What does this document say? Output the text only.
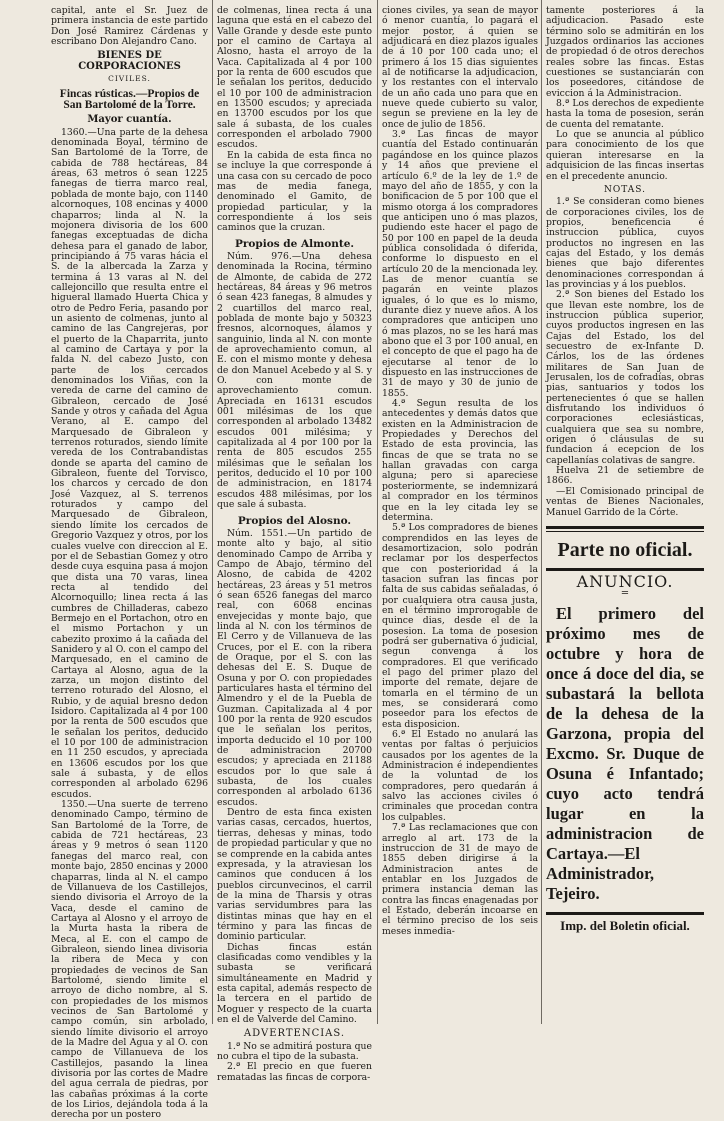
capital, ante el Sr. Juez de primera instancia de este partido Don José Ramirez Cárdenas y escribano Don Alejandro Cano.

BIENES DE CORPORACIONES
CIVILES.
Fincas rústicas.—Propios de San Bartolomé de la Torre.
Mayor cuantía.

1360.—Una parte de la dehesa denominada Boyal, término de San Bartolomé de la Torre, de cabida de 788 hectáreas, 84 áreas, 63 metros ó sean 1225 fanegas de tierra marco real, poblada de monte bajo, con 1140 alcornoques, 108 encinas y 4000 chaparros; linda al N. la mojonera divisoria de los 600 fanegas exceptuadas de dicha dehesa para el ganado de labor, principiando á 75 varas hácia el S. de la albercada la Zarza y termina á 13 varas al N. del callejoncillo que resulta entre el higueral llamado Huerta Chica y otro de Pedro Feria, pasando por un asiento de colmenas, junto al camino de las Cangrejeras, por el puerto de la Chaparrita, junto al camino de Cartaya y por la falda N. del cabezo Justo, con parte de los cercados denominados los Viñas, con la vereda de carne del camino de Gibraleon, cercado de José Sande y otros y cañada del Agua Verano, al E. campo del Marquesado de Gibraleon y terrenos roturados, siendo límite vereda de los Contrabandistas donde se aparta del camino de Gibraleon, fuente del Torvisco, los charcos y cercado de don José Vazquez, al S. terrenos roturados y campo del Marquesado de Gibraleon, siendo límite los cercados de Gregorio Vazquez y otros, por los cuales vuelve con direccion al E. por el de Sebastian Gomez y otro desde cuya esquina pasa á mojon que dista una 70 varas, linea recta al tendido del Alcornoquillo; linea recta á las cumbres de Chilladeras, cabezo Bermejo en el Portachon, otro en el mismo Portachon y un cabezito proximo á la cañada del Sanidero y al O. con el campo del Marquesado, en el camino de Cartaya al Alosno, agua de la zarza, un mojon distinto del terreno roturado del Alosno, el Rubio, y de aquial bresno dedon Isidoro. Capitalizada al 4 por 100 por la renta de 500 escudos que le señalan los peritos, deducido el 10 por 100 de administracion en 11 250 escudos, y apreciada en 13606 escudos por los que sale á subasta, y de ellos corresponden al arbolado 6296 escudos.

1350.—Una suerte de terreno denominado Campo, término de San Bartolomé de la Torre, de cabida de 721 hectáreas, 23 áreas y 9 metros ó sean 1120 fanegas del marco real, con monte bajo, 2850 encinas y 2000 chaparras, linda al N. el campo de Villanueva de los Castillejos, siendo divisoria el Arroyo de la Vaca, desde el camino de Cartaya al Alosno y el arroyo de la Murta hasta la ribera de Meca, al E. con el campo de Gibraleon, siendo linea divisoria la ribera de Meca y con propiedades de vecinos de San Bartolomé, siendo limite el arroyo de dicho nombre, al S. con propiedades de los mismos vecinos de San Bartolomé y campo común, sin arbolado, siendo límite divisorio el arroyo de la Madre del Agua y al O. con campo de Villanueva de los Castillejos, pasando la linea divisoria por las cortes de Madre del agua cerrala de piedras, por las cabañas próximas á la corte de los Lirios, dejándola toda á la derecha por un postero

de colmenas, linea recta á una laguna que está en el cabezo del Valle Grande y desde este punto por el camino de Cartaya al Alosno, hasta el arroyo de la Vaca. Capitalizada al 4 por 100 por la renta de 600 escudos que le señalan los peritos, deducido el 10 por 100 de administracion en 13500 escudos; y apreciada en 13700 escudos por los que sale á subasta, de los cuales corresponden el arbolado 7900 escudos.

En la cabida de esta finca no se incluye la que corresponde á una casa con su cercado de poco mas de media fanega, denominado el Gamito, de propiedad particular, y la correspondiente á los seis caminos que la cruzan.

Propios de Almonte.

Núm. 976.—Una dehesa denominada la Rocina, término de Almonte, de cabida de 272 hectáreas, 84 áreas y 96 metros ó sean 423 fanegas, 8 almudes y 2 cuartillos del marco real, poblada de monte bajo y 50323 fresnos, alcornoques, álamos y sanguinio, linda al N. con monte de aprovechamiento comun, al E. con el mismo monte y dehesa de don Manuel Acebedo y al S. y O. con monte de aprovechamiento comun. Apreciada en 16131 escudos 001 milésimas de los que corresponden al arbolado 13482 escudos 001 milésima; y capitalizada al 4 por 100 por la renta de 805 escudos 255 milésimas que le señalan los peritos, deducido el 10 por 100 de administracion, en 18174 escudos 488 milésimas, por los que sale á subasta.

Propios del Alosno.

Núm. 1551.—Un partido de monte alto y bajo, al sitio denominado Campo de Arriba y Campo de Abajo, término del Alosno, de cabida de 4202 hectáreas, 23 áreas y 51 metros ó sean 6526 fanegas del marco real, con 6068 encinas envejecidas y monte bajo, que linda al N. con los términos de El Cerro y de Villanueva de las Cruces, por el E. con la ribera de Oraque, por el S. con las dehesas del E. S. Duque de Osuna y por O. con propiedades particulares hasta el término del Almendro y el de la Puebla de Guzman. Capitalizada al 4 por 100 por la renta de 920 escudos que le señalan los peritos, importa deducido el 10 por 100 de administracion 20700 escudos; y apreciada en 21188 escudos por lo que sale á subasta, de los cuales corresponden al arbolado 6136 escudos.

Dentro de esta finca existen varias casas, cercados, huertos, tierras, dehesas y minas, todo de propiedad particular y que no se comprende en la cabida antes expresada, y la atraviesan los caminos que conducen á los pueblos circunvecinos, el carril de la mina de Tharsis y otras varias servidumbres para las distintas minas que hay en el término y para las fincas de dominio particular.

Dichas fincas están clasificadas como vendibles y la subasta se verificará simultáneamente en Madrid y esta capital, además respecto de la tercera en el partido de Moguer y respecto de la cuarta en el de Valverde del Camino.

ADVERTENCIAS.

1.ª No se admitirá postura que no cubra el tipo de la subasta.

2.ª El precio en que fueren rematadas las fincas de corpora-

ciones civiles, ya sean de mayor ó menor cuantía, lo pagará el mejor postor, á quien se adjudicará en diez plazos iguales de á 10 por 100 cada uno; el primero á los 15 dias siguientes al de notificarse la adjudicacion, y los restantes con el intervalo de un año cada uno para que en nueve quede cubierto su valor, segun se previene en la ley de once de julio de 1856.

3.ª Las fincas de mayor cuantía del Estado continuarán pagándose en los quince plazos y 14 años que previene el artículo 6.º de la ley de 1.º de mayo del año de 1855, y con la bonificacion de 5 por 100 que el mismo otorga á los compradores que anticipen uno ó mas plazos, pudiendo este hacer el pago de 50 por 100 en papel de la deuda pública consolidada ó diferida, conforme lo dispuesto en el artículo 20 de la mencionada ley. Las de menor cuantía se pagarán en veinte plazos iguales, ó lo que es lo mismo, durante diez y nueve años. A los compradores que anticipen uno ó mas plazos, no se les hará mas abono que el 3 por 100 anual, en el concepto de que el pago ha de ejecutarse al tenor de lo dispuesto en las instrucciones de 31 de mayo y 30 de junio de 1855.

4.ª Segun resulta de los antecedentes y demás datos que existen en la Administracion de Propiedades y Derechos del Estado de esta provincia, las fincas de que se trata no se hallan gravadas con carga alguna; pero si apareciese posteriormente, se indemnizará al comprador en los términos que en la ley citada ley se determina.

5.ª Los compradores de bienes comprendidos en las leyes de desamortizacion, solo podrán reclamar por los desperfectos que con posterioridad á la tasacion sufran las fincas por falta de sus cabidas señaladas, ó por cualquiera otra causa justa, en el término improrogable de quince dias, desde el de la posesion. La toma de posesion podrá ser gubernativa ó judicial, segun convenga á los compradores. El que verificado el pago del primer plazo del importe del remate, dejare de tomarla en el término de un mes, se considerará como poseedor para los efectos de esta disposicion.

6.ª El Estado no anulará las ventas por faltas ó perjuicios causados por los agentes de la Administracion é independientes de la voluntad de los compradores, pero quedarán á salvo las acciones civiles ó criminales que procedan contra los culpables.

7.ª Las reclamaciones que con arreglo al art. 173 de la instruccion de 31 de mayo de 1855 deben dirigirse á la Administracion antes de entablar en los Juzgados de primera instancia deman las contra las fincas enagenadas por el Estado, deberán incoarse en el término preciso de los seis meses inmedia-

tamente posteriores á la adjudicacion. Pasado este término solo se admitirán en los Juzgados ordinarios las acciones de propiedad ó de otros derechos reales sobre las fincas. Estas cuestiones se sustanciarán con los poseedores, citándose de eviccion á la Administracion.

8.ª Los derechos de expediente hasta la toma de posesion, serán de cuenta del rematante.

Lo que se anuncia al público para conocimiento de los que quieran interesarse en la adquisicion de las fincas insertas en el precedente anuncio.

NOTAS.

1.ª Se consideran como bienes de corporaciones civiles, los de propios, beneficencia é instruccion pública, cuyos productos no ingresen en las cajas del Estado, y los demás bienes que bajo diferentes denominaciones correspondan á las provincias y á los pueblos.

2.ª Son bienes del Estado los que llevan este nombre, los de instruccion pública superior, cuyos productos ingresen en las Cajas del Estado, los del secuestro de ex-Infante D. Cárlos, los de las órdenes militares de San Juan de Jerusalen, los de cofradías, obras pias, santuarios y todos los pertenecientes ó que se hallen disfrutando los individuos ó corporaciones eclesiásticas, cualquiera que sea su nombre, origen ó cláusulas de su fundacion á ecepcion de los capellanías colativas de sangre.

Huelva 21 de setiembre de 1866.

—El Comisionado principal de ventas de Bienes Nacionales, Manuel Garrido de la Córte.

Parte no oficial.
ANUNCIO.
=

El primero del próximo mes de octubre y hora de once á doce del dia, se subastará la bellota de la dehesa de la Garzona, propia del Excmo. Sr. Duque de Osuna é Infantado; cuyo acto tendrá lugar en la administracion de Cartaya.—El Administrador, Tejeiro.

Imp. del Boletin oficial.
